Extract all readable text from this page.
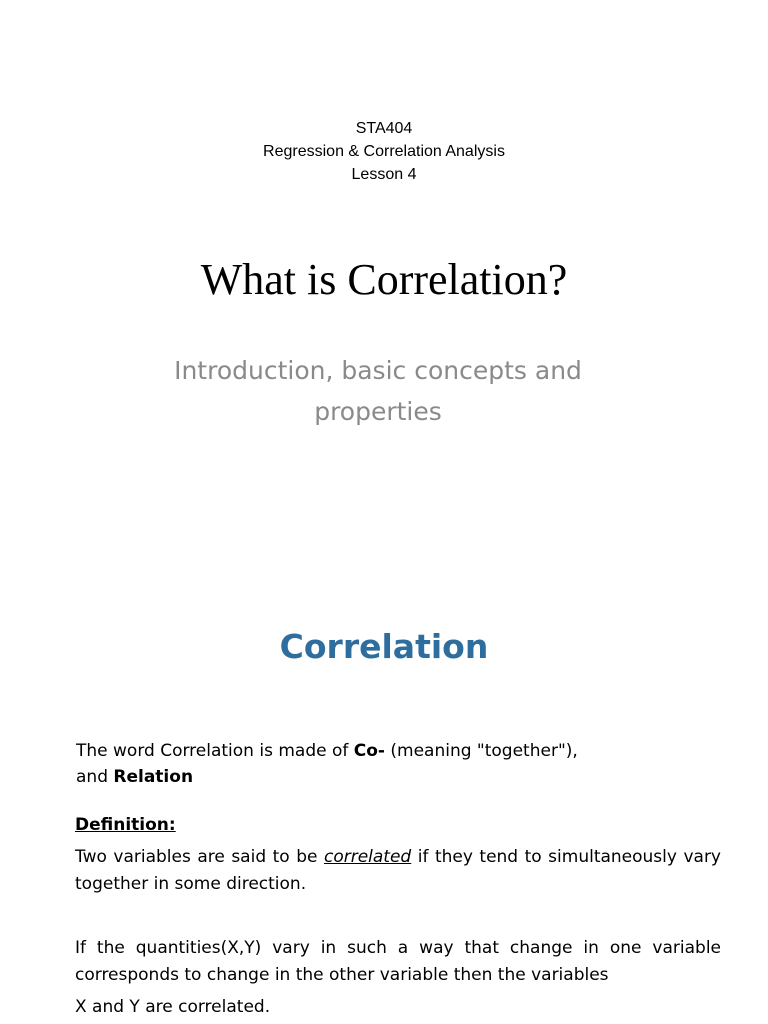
STA404
Regression & Correlation Analysis
Lesson 4
What is Correlation?
Introduction, basic concepts and properties
Correlation
The word Correlation is made of Co- (meaning "together"),
and Relation
Definition:
Two variables are said to be correlated if they tend to simultaneously vary together in some direction.
If the quantities(X,Y) vary in such a way that change in one variable corresponds to change in the other variable then the variables
X and Y are correlated.
